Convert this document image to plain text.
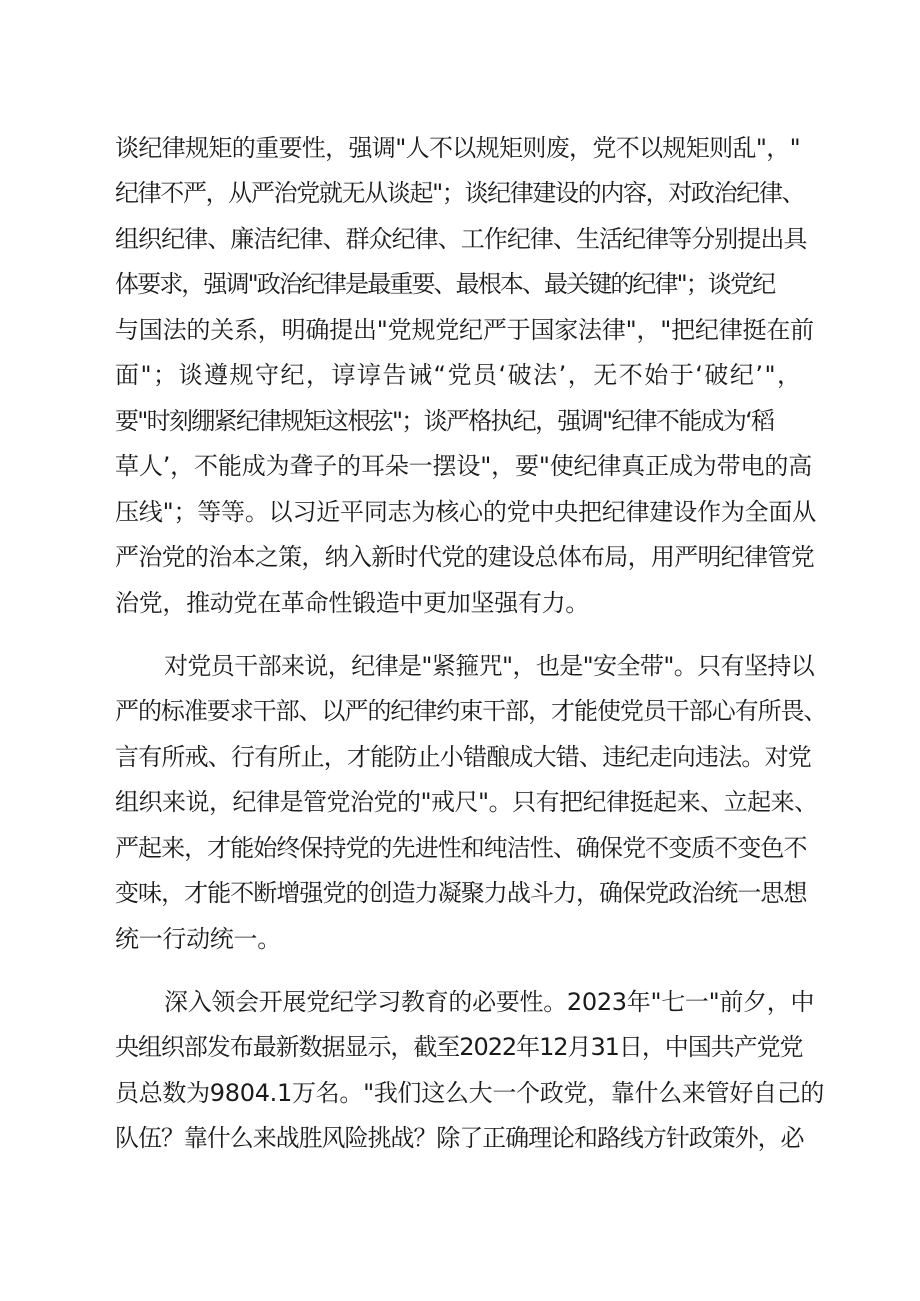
谈纪律规矩的重要性，强调"人不以规矩则废，党不以规矩则乱"，"
纪律不严，从严治党就无从谈起"；谈纪律建设的内容，对政治纪律、
组织纪律、廉洁纪律、群众纪律、工作纪律、生活纪律等分别提出具
体要求，强调"政治纪律是最重要、最根本、最关键的纪律"；谈党纪
与国法的关系，明确提出"党规党纪严于国家法律"，"把纪律挺在前
面"；谈遵规守纪，谆谆告诫“党员‘破法’，无不始于‘破纪’"，
要"时刻绷紧纪律规矩这根弦"；谈严格执纪，强调"纪律不能成为‘稻
草人’，不能成为聋子的耳朵一摆设"，要"使纪律真正成为带电的高
压线"；等等。以习近平同志为核心的党中央把纪律建设作为全面从
严治党的治本之策，纳入新时代党的建设总体布局，用严明纪律管党
治党，推动党在革命性锻造中更加坚强有力。
对党员干部来说，纪律是"紧箍咒"，也是"安全带"。只有坚持以
严的标准要求干部、以严的纪律约束干部，才能使党员干部心有所畏、
言有所戒、行有所止，才能防止小错酿成大错、违纪走向违法。对党
组织来说，纪律是管党治党的"戒尺"。只有把纪律挺起来、立起来、
严起来，才能始终保持党的先进性和纯洁性、确保党不变质不变色不
变味，才能不断增强党的创造力凝聚力战斗力，确保党政治统一思想
统一行动统一。
深入领会开展党纪学习教育的必要性。2023年"七一"前夕，中
央组织部发布最新数据显示，截至2022年12月31日，中国共产党党
员总数为9804.1万名。"我们这么大一个政党，靠什么来管好自己的
队伍？靠什么来战胜风险挑战？除了正确理论和路线方针政策外，必
